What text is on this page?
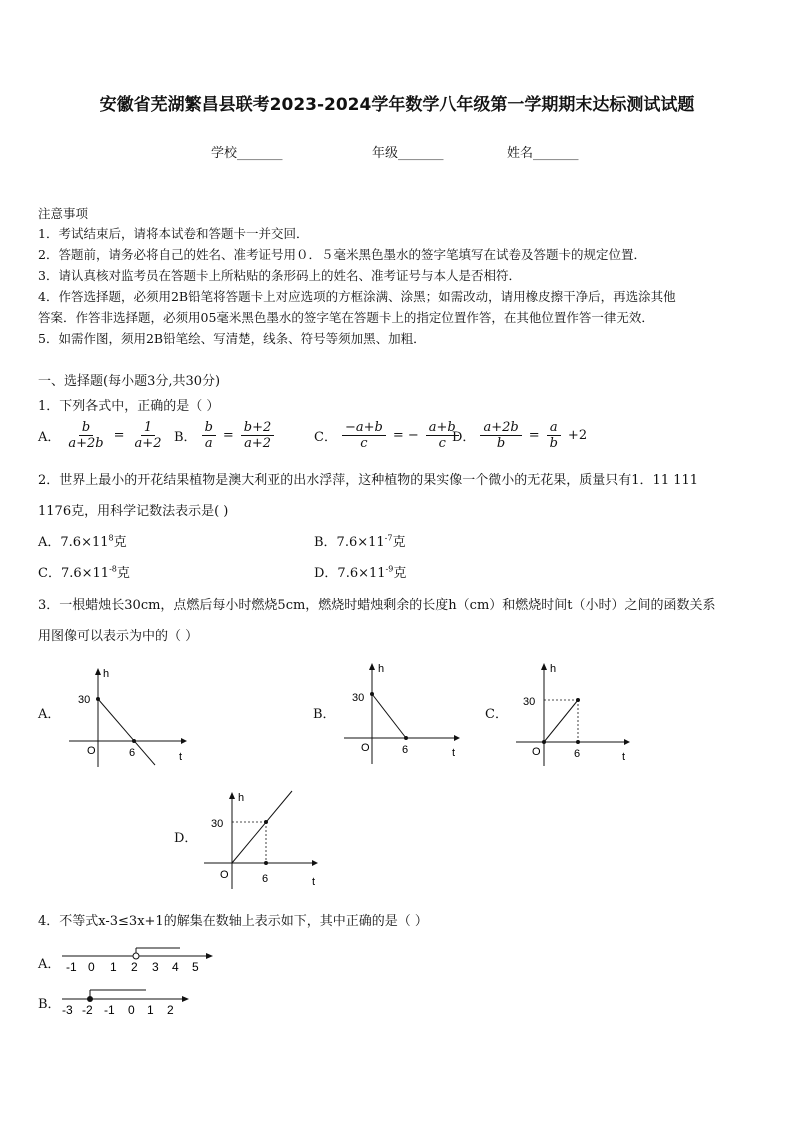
安徽省芜湖繁昌县联考2023-2024学年数学八年级第一学期期末达标测试试题
学校_______	年级_______	姓名_______
注意事项
1．考试结束后，请将本试卷和答题卡一并交回．
2．答题前，请务必将自己的姓名、准考证号用０．５毫米黑色墨水的签字笔填写在试卷及答题卡的规定位置．
3．请认真核对监考员在答题卡上所粘贴的条形码上的姓名、准考证号与本人是否相符．
4．作答选择题，必须用2B铅笔将答题卡上对应选项的方框涂满、涂黑；如需改动，请用橡皮擦干净后，再选涂其他
答案．作答非选择题，必须用05毫米黑色墨水的签字笔在答题卡上的指定位置作答，在其他位置作答一律无效．
5．如需作图，须用2B铅笔绘、写清楚，线条、符号等须加黑、加粗．
一、选择题(每小题3分,共30分)
1．下列各式中，正确的是（ ）
A． $\frac{b}{a+2b} = \frac{1}{a+2}$ B． $\frac{b}{a} = \frac{b+2}{a+2}$	C． $\frac{-a+b}{c}$ = − $\frac{a+b}{c}$
D． $\frac{a+2b}{b} = \frac{a}{b} +2$
2．世界上最小的开花结果植物是澳大利亚的出水浮萍，这种植物的果实像一个微小的无花果，质量只有1．11 111
1176克，用科学记数法表示是( )
A．$7.6\times 11^8$克	B．$7.6\times 11^{-7}$克
C．$7.6\times 11^{-8}$克	D．$7.6\times 11^{-9}$克
3．一根蜡烛长30cm，点燃后每小时燃烧5cm，燃烧时蜡烛剩余的长度h（cm）和燃烧时间t（小时）之间的函数关系
用图像可以表示为中的（ ）
A．
h
30
O	6	t
B．
h
30
O	6	t
C．
h
30
O	6	t
D．
h
30
O	6	t
4．不等式x-3≤3x+1的解集在数轴上表示如下，其中正确的是（ ）
A． -1 0 1 2 3 4 5
B． -3 -2 -1 0 1 2
